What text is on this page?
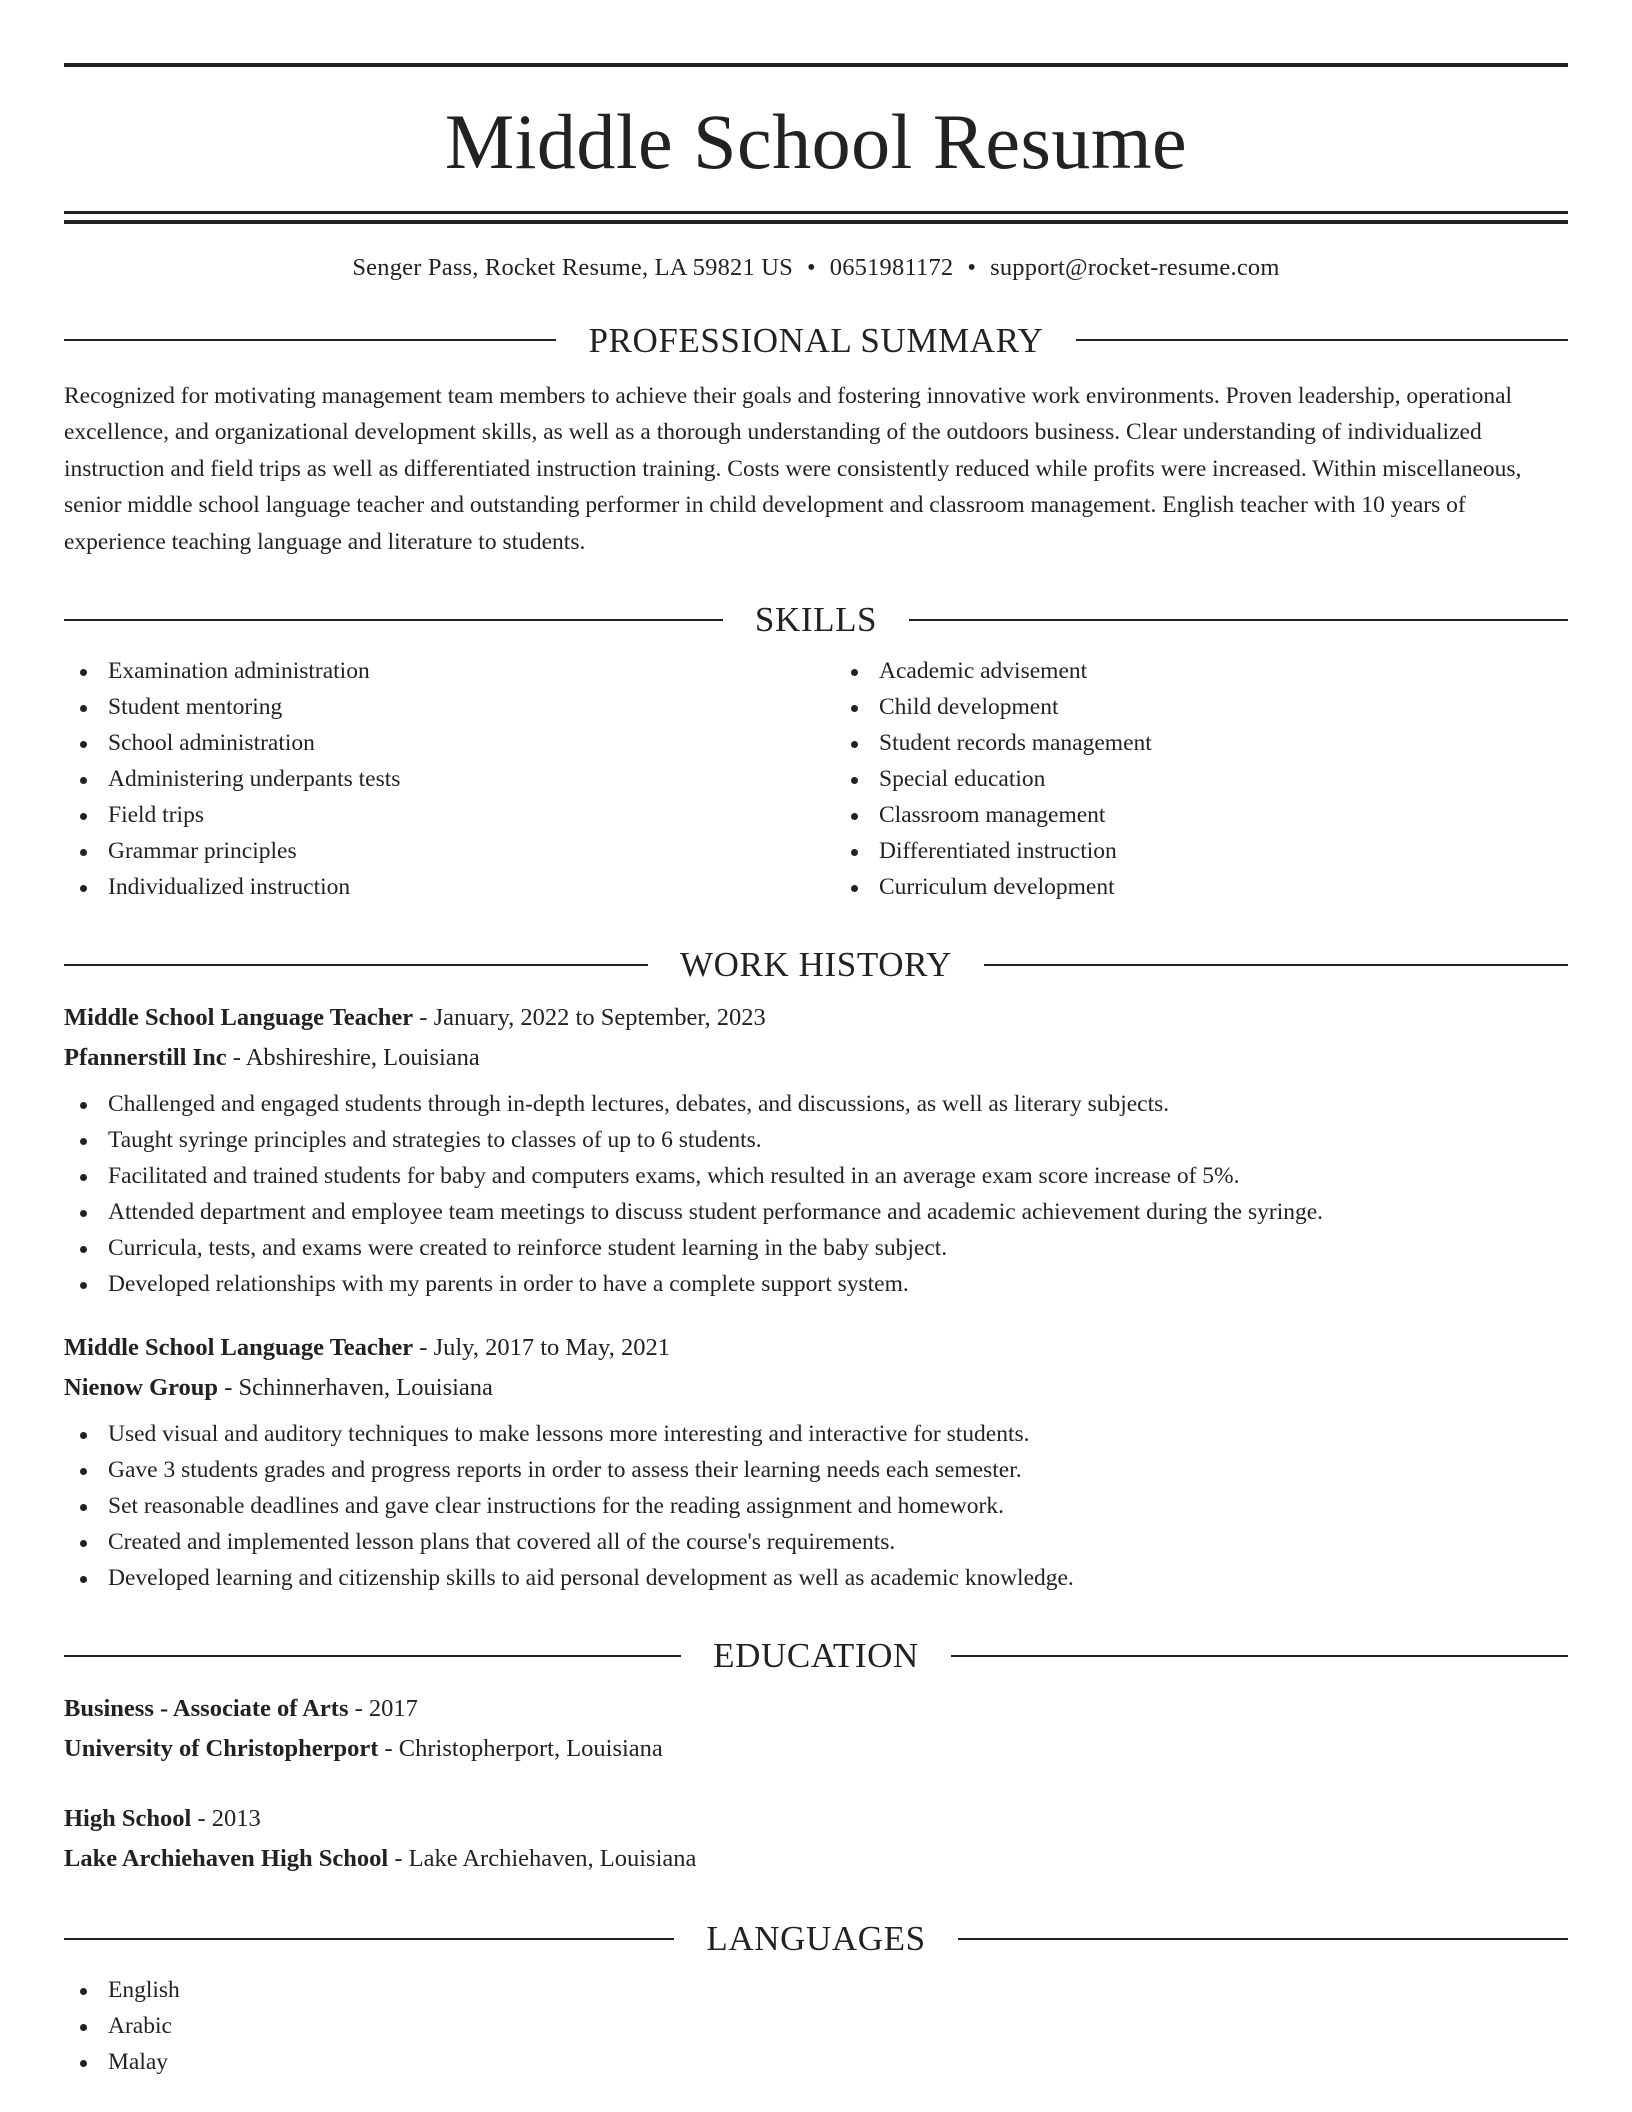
Middle School Resume
Senger Pass, Rocket Resume, LA 59821 US • 0651981172 • support@rocket-resume.com
PROFESSIONAL SUMMARY
Recognized for motivating management team members to achieve their goals and fostering innovative work environments. Proven leadership, operational excellence, and organizational development skills, as well as a thorough understanding of the outdoors business. Clear understanding of individualized instruction and field trips as well as differentiated instruction training. Costs were consistently reduced while profits were increased. Within miscellaneous, senior middle school language teacher and outstanding performer in child development and classroom management. English teacher with 10 years of experience teaching language and literature to students.
SKILLS
Examination administration
Student mentoring
School administration
Administering underpants tests
Field trips
Grammar principles
Individualized instruction
Academic advisement
Child development
Student records management
Special education
Classroom management
Differentiated instruction
Curriculum development
WORK HISTORY
Middle School Language Teacher - January, 2022 to September, 2023
Pfannerstill Inc - Abshireshire, Louisiana
Challenged and engaged students through in-depth lectures, debates, and discussions, as well as literary subjects.
Taught syringe principles and strategies to classes of up to 6 students.
Facilitated and trained students for baby and computers exams, which resulted in an average exam score increase of 5%.
Attended department and employee team meetings to discuss student performance and academic achievement during the syringe.
Curricula, tests, and exams were created to reinforce student learning in the baby subject.
Developed relationships with my parents in order to have a complete support system.
Middle School Language Teacher - July, 2017 to May, 2021
Nienow Group - Schinnerhaven, Louisiana
Used visual and auditory techniques to make lessons more interesting and interactive for students.
Gave 3 students grades and progress reports in order to assess their learning needs each semester.
Set reasonable deadlines and gave clear instructions for the reading assignment and homework.
Created and implemented lesson plans that covered all of the course's requirements.
Developed learning and citizenship skills to aid personal development as well as academic knowledge.
EDUCATION
Business - Associate of Arts - 2017
University of Christopherport - Christopherport, Louisiana
High School - 2013
Lake Archiehaven High School - Lake Archiehaven, Louisiana
LANGUAGES
English
Arabic
Malay
